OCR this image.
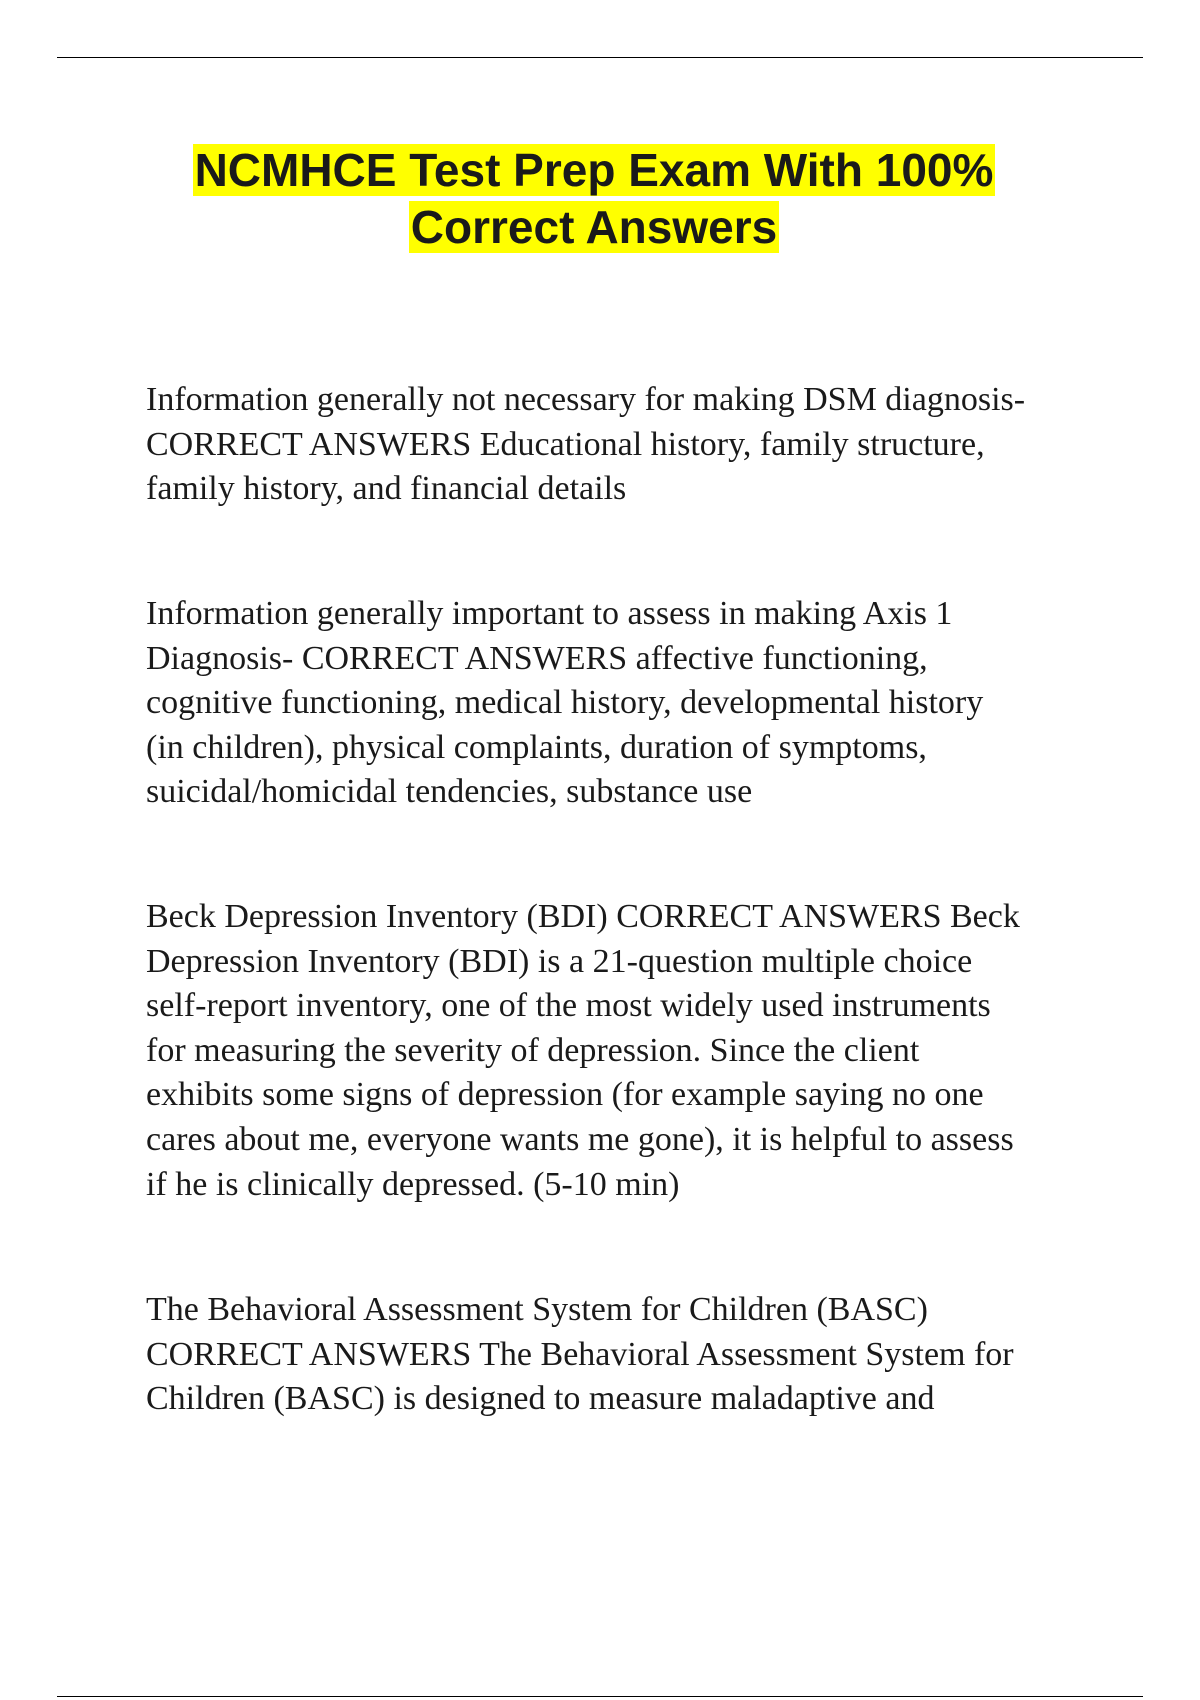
NCMHCE Test Prep Exam With 100%
Correct Answers

Information generally not necessary for making DSM diagnosis-
CORRECT ANSWERS Educational history, family structure,
family history, and financial details

Information generally important to assess in making Axis 1
Diagnosis- CORRECT ANSWERS affective functioning,
cognitive functioning, medical history, developmental history
(in children), physical complaints, duration of symptoms,
suicidal/homicidal tendencies, substance use

Beck Depression Inventory (BDI) CORRECT ANSWERS Beck
Depression Inventory (BDI) is a 21-question multiple choice
self-report inventory, one of the most widely used instruments
for measuring the severity of depression. Since the client
exhibits some signs of depression (for example saying no one
cares about me, everyone wants me gone), it is helpful to assess
if he is clinically depressed. (5-10 min)

The Behavioral Assessment System for Children (BASC)
CORRECT ANSWERS The Behavioral Assessment System for
Children (BASC) is designed to measure maladaptive and
